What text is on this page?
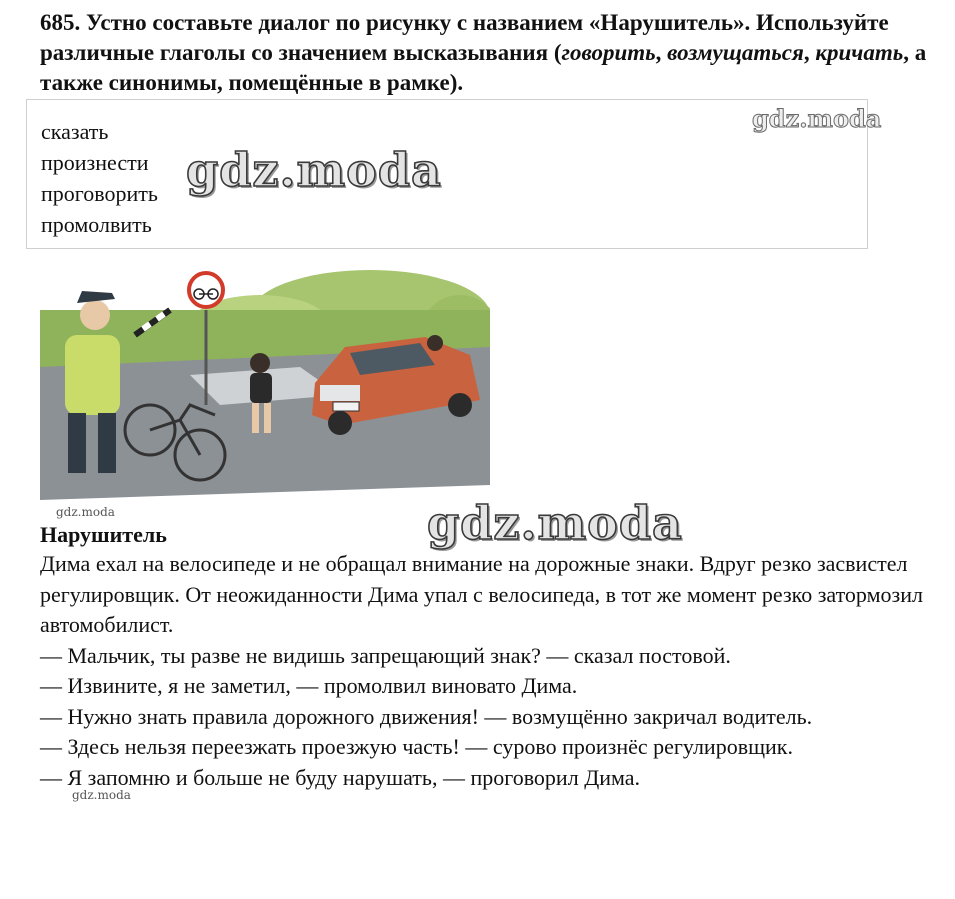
685. Устно составьте диалог по рисунку с названием «Нарушитель». Используйте различные глаголы со значением высказывания (говорить, возмущаться, кричать, а также синонимы, помещённые в рамке).
сказать
произнести
проговорить
промолвить
gdz.moda
gdz.moda
gdz.moda	gdz.moda
Нарушитель

Дима ехал на велосипеде и не обращал внимание на дорожные знаки. Вдруг резко засвистел регулировщик. От неожиданности Дима упал с велосипеда, в тот же момент резко затормозил автомобилист.

— Мальчик, ты разве не видишь запрещающий знак? — сказал постовой.

— Извините, я не заметил, — промолвил виновато Дима.

— Нужно знать правила дорожного движения! — возмущённо закричал водитель.

— Здесь нельзя переезжать проезжую часть! — сурово произнёс регулировщик.

— Я запомню и больше не буду нарушать, — проговорил Дима.

gdz.moda
